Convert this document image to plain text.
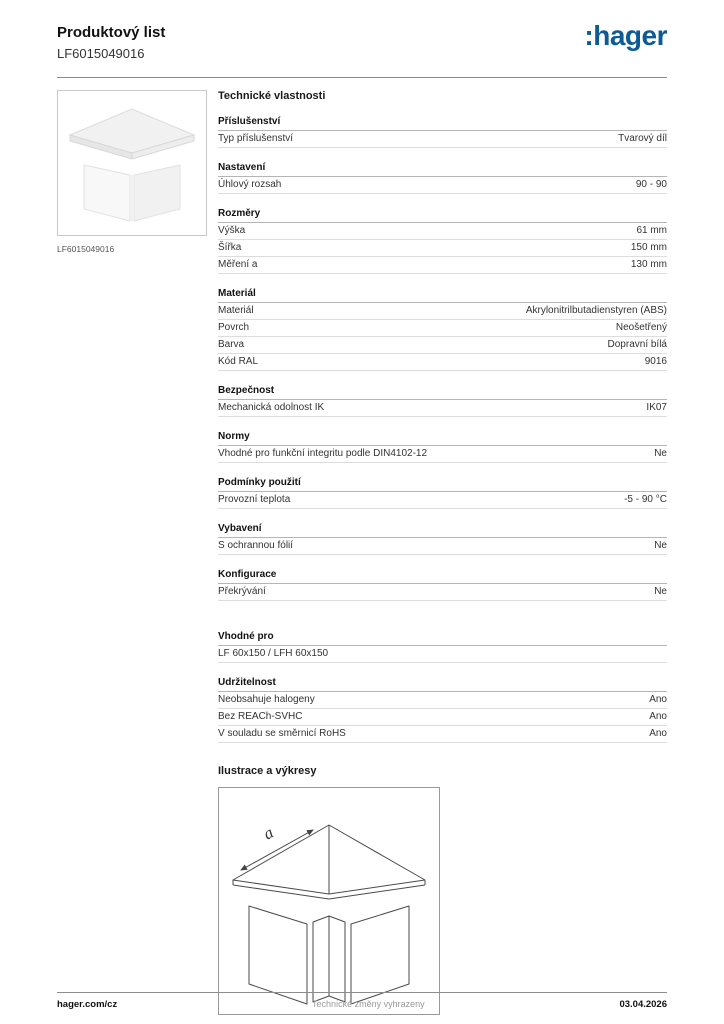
Produktový list
LF6015049016
:hager
LF6015049016
Technické vlastnosti
Příslušenství
Typ příslušenství	Tvarový díl
Nastavení
Úhlový rozsah	90 - 90
Rozměry
Výška	61 mm
Šířka	150 mm
Měření a	130 mm
Materiál
Materiál	Akrylonitrilbutadienstyren (ABS)
Povrch	Neošetřený
Barva	Dopravní bílá
Kód RAL	9016
Bezpečnost
Mechanická odolnost IK	IK07
Normy
Vhodné pro funkční integritu podle DIN4102-12	Ne
Podmínky použití
Provozní teplota	-5 - 90 °C
Vybavení
S ochrannou fólií	Ne
Konfigurace
Překrývání	Ne
Vhodné pro
LF 60x150 / LFH 60x150
Udržitelnost
Neobsahuje halogeny	Ano
Bez REACh-SVHC	Ano
V souladu se směrnicí RoHS	Ano
Ilustrace a výkresy
a
hager.com/cz	Technické změny vyhrazeny	03.04.2026
